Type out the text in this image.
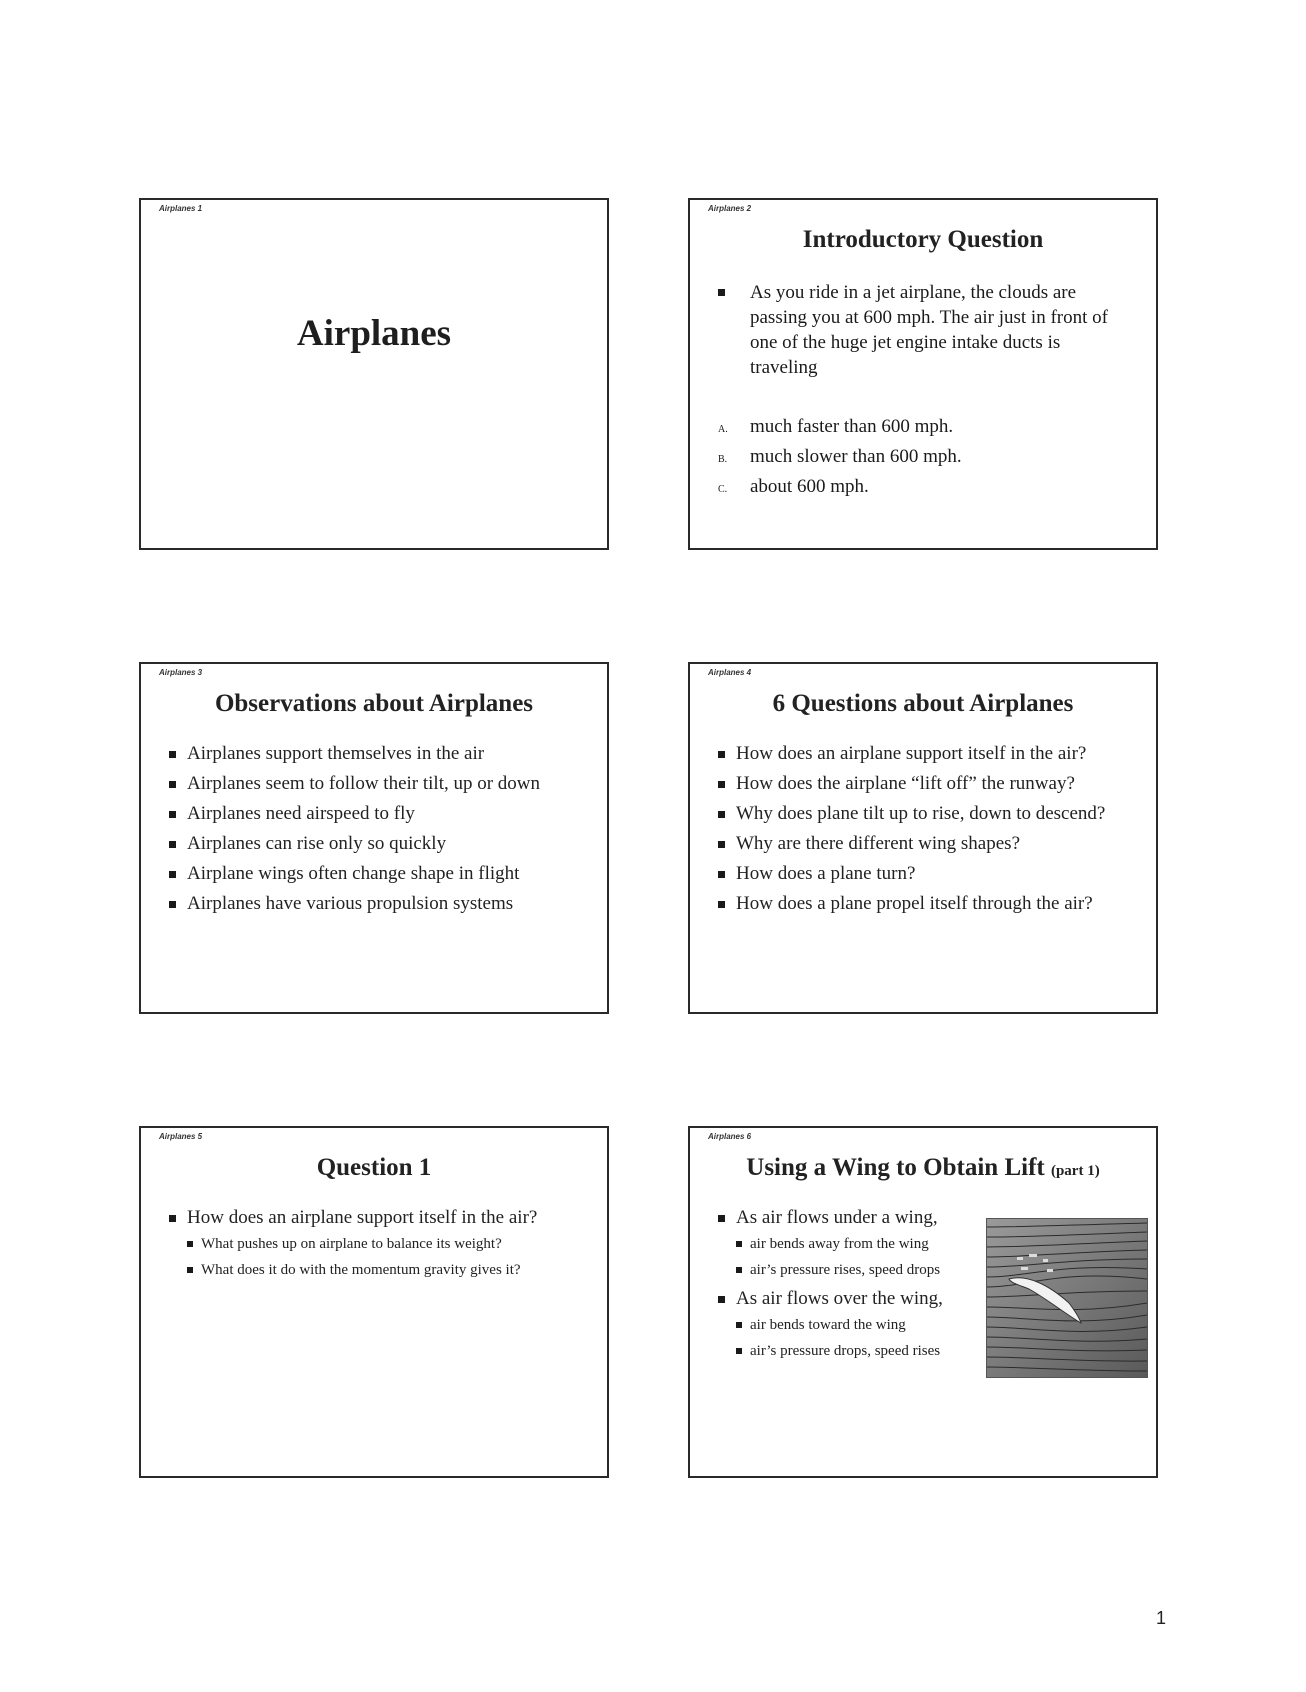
Airplanes 1
Airplanes
Airplanes 2
Introductory Question
As you ride in a jet airplane, the clouds are passing you at 600 mph. The air just in front of one of the huge jet engine intake ducts is traveling
A. much faster than 600 mph.
B. much slower than 600 mph.
C. about 600 mph.
Airplanes 3
Observations about Airplanes
Airplanes support themselves in the air
Airplanes seem to follow their tilt, up or down
Airplanes need airspeed to fly
Airplanes can rise only so quickly
Airplane wings often change shape in flight
Airplanes have various propulsion systems
Airplanes 4
6 Questions about Airplanes
How does an airplane support itself in the air?
How does the airplane “lift off” the runway?
Why does plane tilt up to rise, down to descend?
Why are there different wing shapes?
How does a plane turn?
How does a plane propel itself through the air?
Airplanes 5
Question 1
How does an airplane support itself in the air?
What pushes up on airplane to balance its weight?
What does it do with the momentum gravity gives it?
Airplanes 6
Using a Wing to Obtain Lift (part 1)
As air flows under a wing,
air bends away from the wing
air’s pressure rises, speed drops
As air flows over the wing,
air bends toward the wing
air’s pressure drops, speed rises
1
